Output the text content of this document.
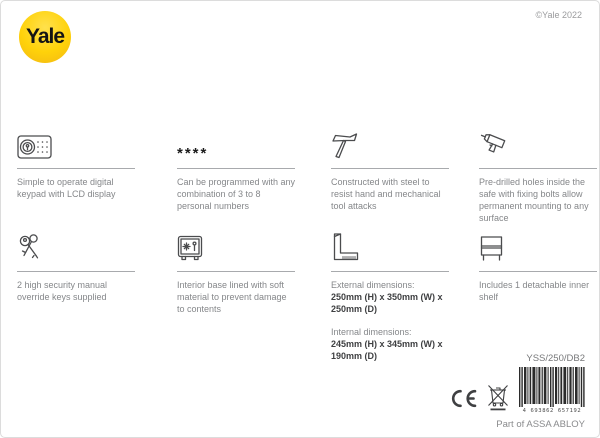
Yale
©Yale 2022
Simple to operate digital keypad with LCD display
****
Can be programmed with any combination of 3 to 8 personal numbers
Constructed with steel to resist hand and mechanical tool attacks
Pre-drilled holes inside the safe with fixing bolts allow permanent mounting to any surface
2 high security manual override keys supplied
Interior base lined with soft material to prevent damage to contents
External dimensions:
250mm (H) x 350mm (W) x 250mm (D)
Internal dimensions:
245mm (H) x 345mm (W) x 190mm (D)
Includes 1 detachable inner shelf
YSS/250/DB2
4 693862 657192
Part of ASSA ABLOY
